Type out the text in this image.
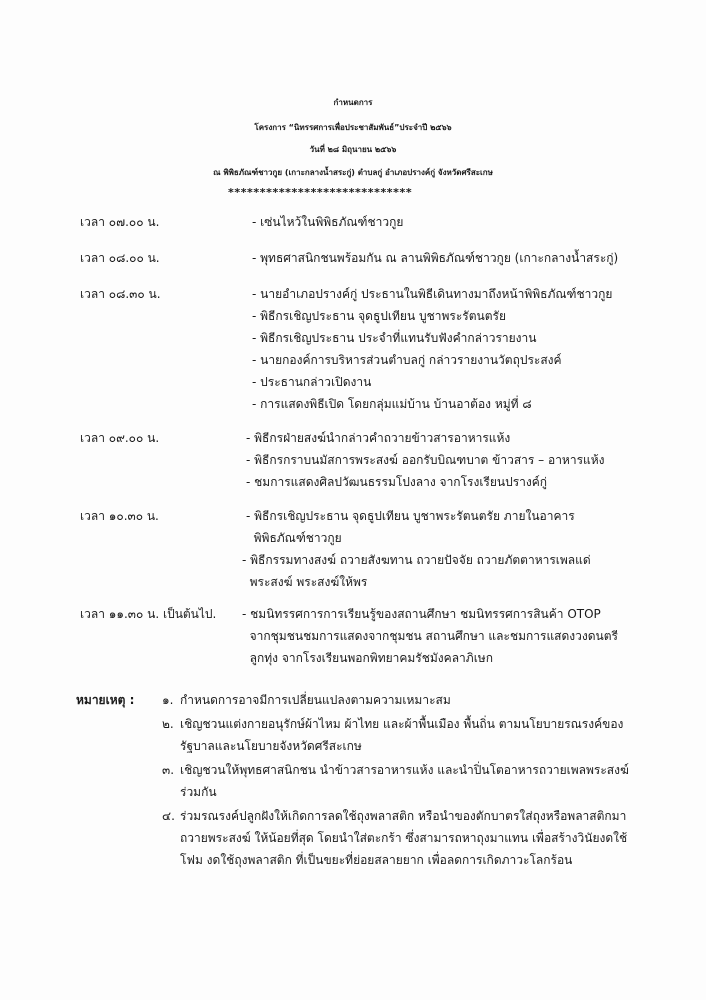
กำหนดการ
โครงการ “นิทรรศการเพื่อประชาสัมพันธ์”ประจำปี ๒๕๖๖
วันที่ ๒๘ มิถุนายน ๒๕๖๖
ณ พิพิธภัณฑ์ชาวกูย (เกาะกลางน้ำสระกู่) ตำบลกู่ อำเภอปรางค์กู่ จังหวัดศรีสะเกษ
*****************************
เวลา ๐๗.๐๐ น.	- เซ่นไหว้ในพิพิธภัณฑ์ชาวกูย
เวลา ๐๘.๐๐ น.	- พุทธศาสนิกชนพร้อมกัน ณ ลานพิพิธภัณฑ์ชาวกูย (เกาะกลางน้ำสระกู่)
เวลา ๐๘.๓๐ น.	- นายอำเภอปรางค์กู่ ประธานในพิธีเดินทางมาถึงหน้าพิพิธภัณฑ์ชาวกูย
- พิธีกรเชิญประธาน จุดธูปเทียน บูชาพระรัตนตรัย
- พิธีกรเชิญประธาน ประจำที่แทนรับฟังคำกล่าวรายงาน
- นายกองค์การบริหารส่วนตำบลกู่ กล่าวรายงานวัตถุประสงค์
- ประธานกล่าวเปิดงาน
- การแสดงพิธีเปิด โดยกลุ่มแม่บ้าน บ้านอาต้อง หมู่ที่ ๘
เวลา ๐๙.๐๐ น.	- พิธีกรฝ่ายสงฆ์นำกล่าวคำถวายข้าวสารอาหารแห้ง
- พิธีกรกราบนมัสการพระสงฆ์ ออกรับบิณฑบาต ข้าวสาร – อาหารแห้ง
- ชมการแสดงศิลปวัฒนธรรมโปงลาง จากโรงเรียนปรางค์กู่
เวลา ๑๐.๓๐ น.	- พิธีกรเชิญประธาน จุดธูปเทียน บูชาพระรัตนตรัย ภายในอาคาร
พิพิธภัณฑ์ชาวกูย
- พิธีกรรมทางสงฆ์ ถวายสังฆทาน ถวายปัจจัย ถวายภัตตาหารเพลแด่
พระสงฆ์ พระสงฆ์ให้พร
เวลา ๑๑.๓๐ น. เป็นต้นไป. - ชมนิทรรศการการเรียนรู้ของสถานศึกษา ชมนิทรรศการสินค้า OTOP
จากชุมชนชมการแสดงจากชุมชน สถานศึกษา และชมการแสดงวงดนตรี
ลูกทุ่ง จากโรงเรียนพอกพิทยาคมรัชมังคลาภิเษก
หมายเหตุ : ๑. กำหนดการอาจมีการเปลี่ยนแปลงตามความเหมาะสม
๒. เชิญชวนแต่งกายอนุรักษ์ผ้าไหม ผ้าไทย และผ้าพื้นเมือง พื้นถิ่น ตามนโยบายรณรงค์ของ
รัฐบาลและนโยบายจังหวัดศรีสะเกษ
๓. เชิญชวนให้พุทธศาสนิกชน นำข้าวสารอาหารแห้ง และนำปิ่นโตอาหารถวายเพลพระสงฆ์
ร่วมกัน
๔. ร่วมรณรงค์ปลูกฝังให้เกิดการลดใช้ถุงพลาสติก หรือนำของตักบาตรใส่ถุงหรือพลาสติกมา
ถวายพระสงฆ์ ให้น้อยที่สุด โดยนำใส่ตะกร้า ซึ่งสามารถหาถุงมาแทน เพื่อสร้างวินัยงดใช้
โฟม งดใช้ถุงพลาสติก ที่เป็นขยะที่ย่อยสลายยาก เพื่อลดการเกิดภาวะโลกร้อน
